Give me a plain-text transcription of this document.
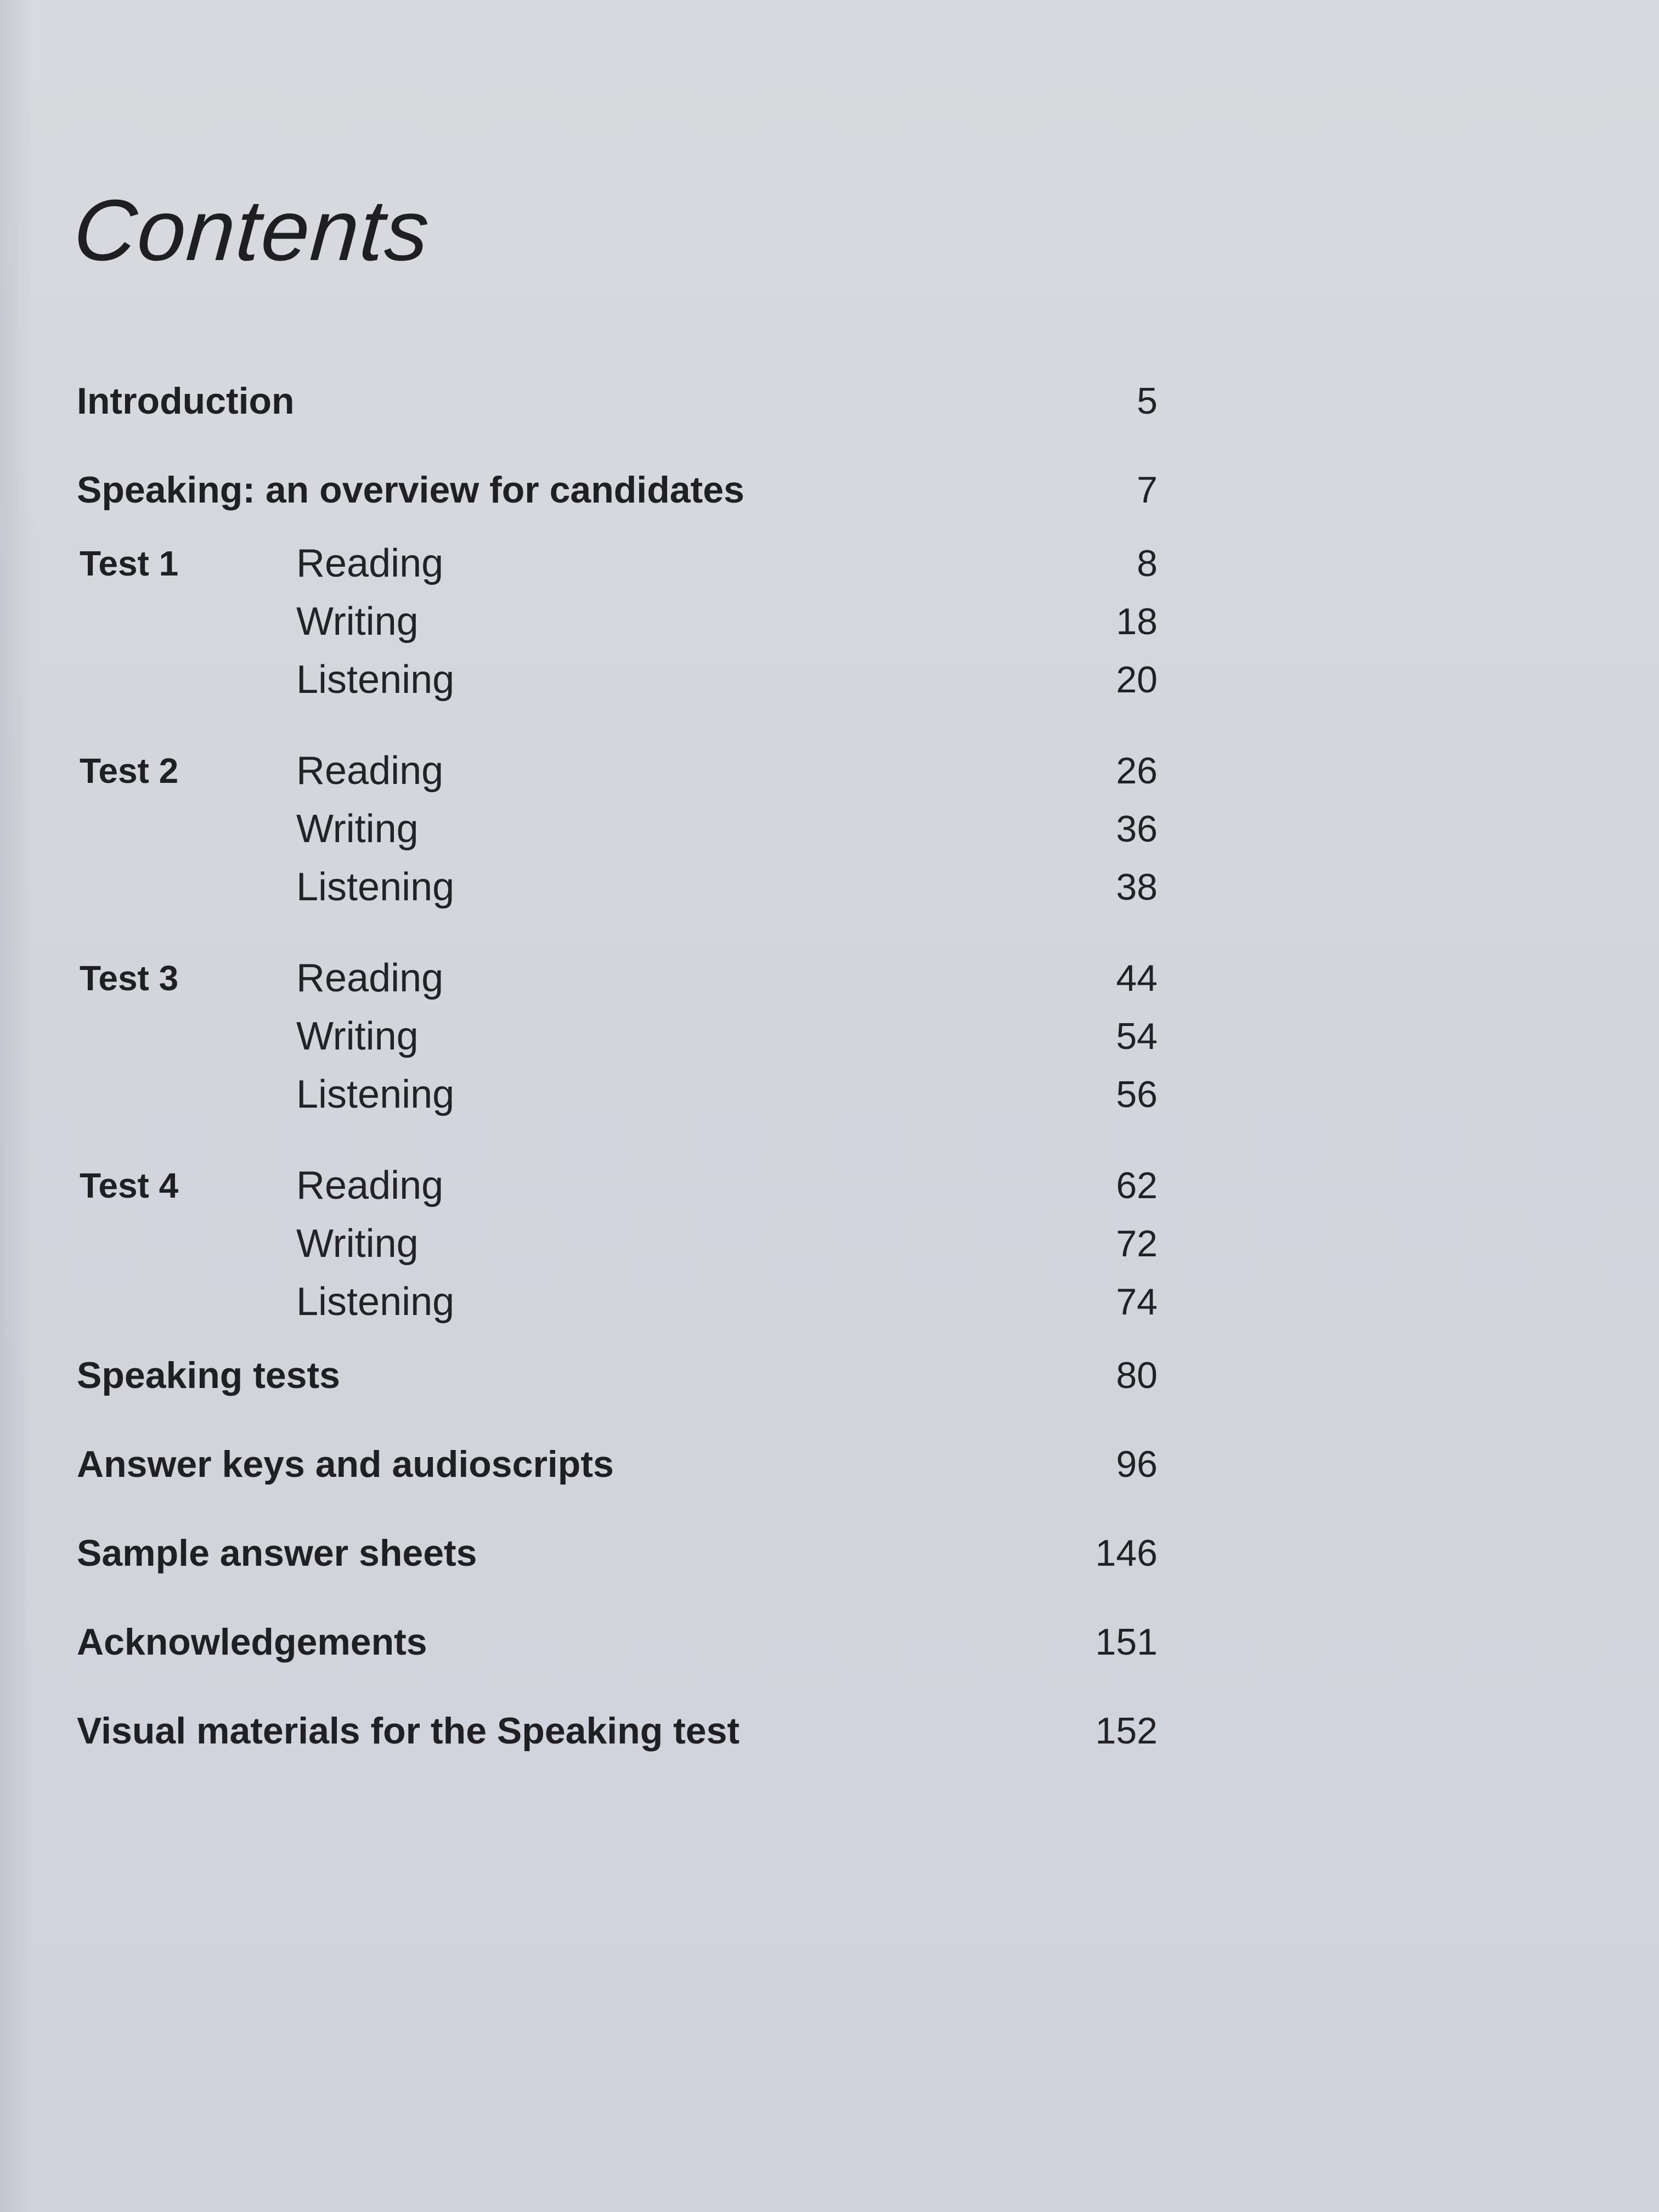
Contents
Introduction	5
Speaking: an overview for candidates	7
Test 1	Reading	8
Writing	18
Listening	20
Test 2	Reading	26
Writing	36
Listening	38
Test 3	Reading	44
Writing	54
Listening	56
Test 4	Reading	62
Writing	72
Listening	74
Speaking tests	80
Answer keys and audioscripts	96
Sample answer sheets	146
Acknowledgements	151
Visual materials for the Speaking test	152
